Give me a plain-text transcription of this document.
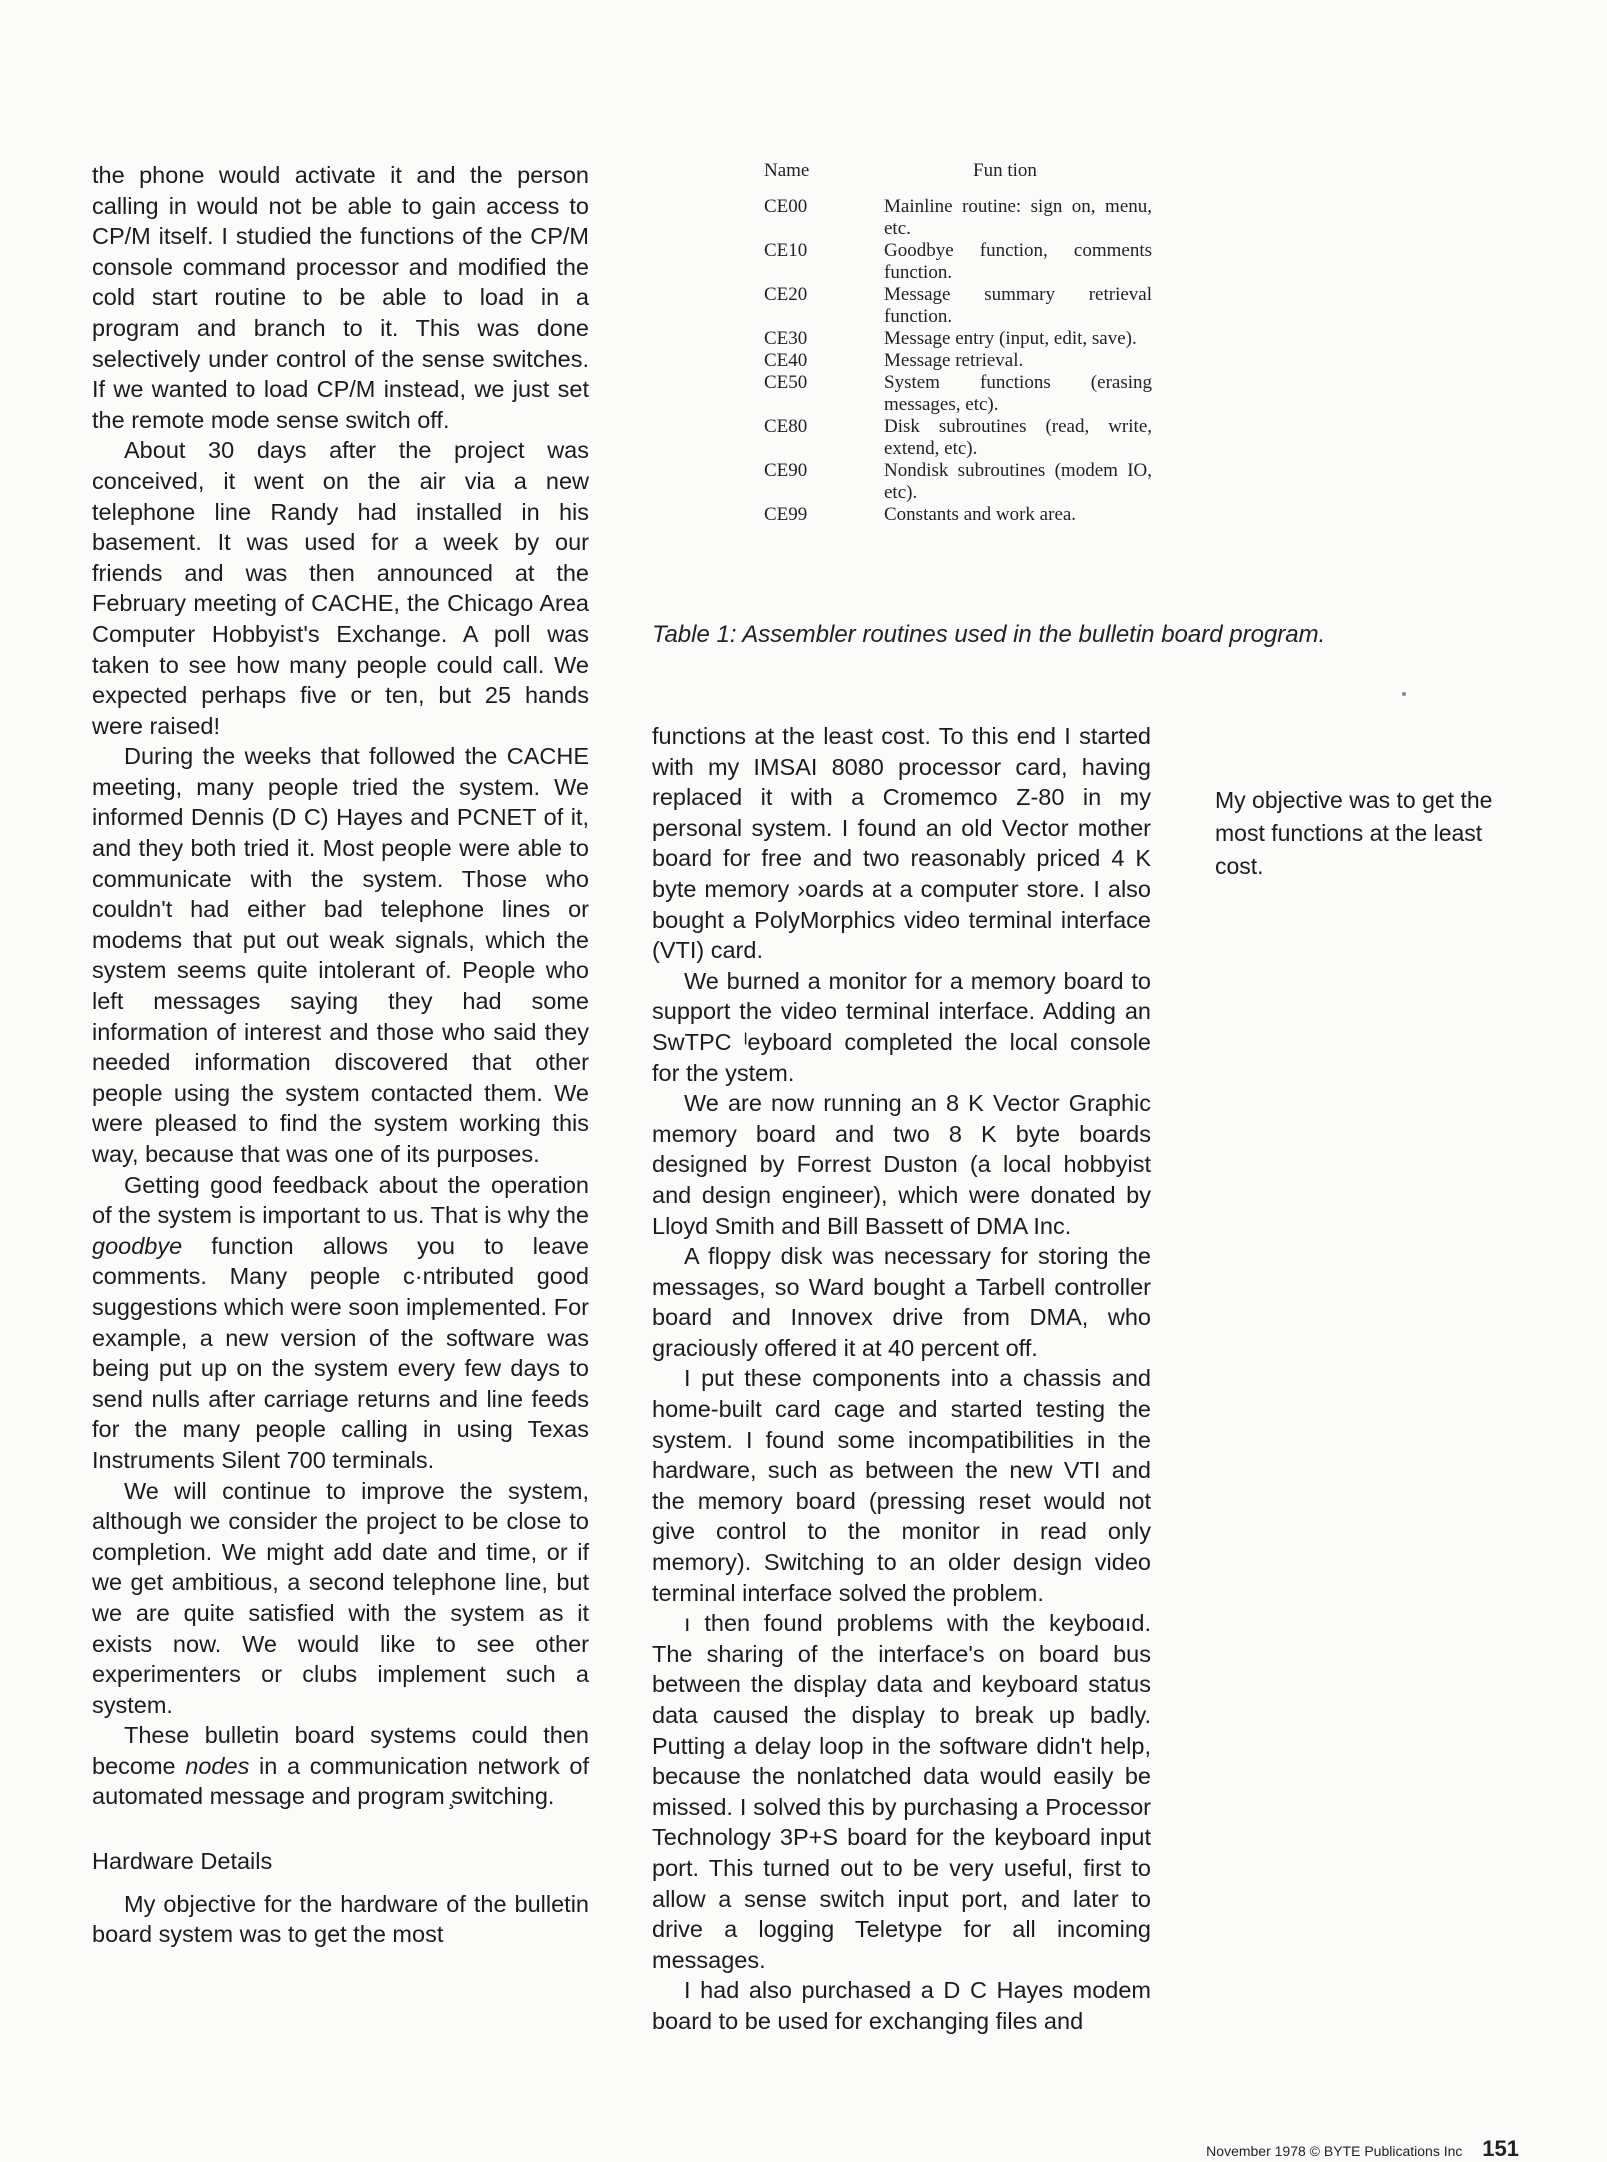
the phone would activate it and the person calling in would not be able to gain access to CP/M itself. I studied the functions of the CP/M console command processor and modified the cold start routine to be able to load in a program and branch to it. This was done selectively under control of the sense switches. If we wanted to load CP/M instead, we just set the remote mode sense switch off.

About 30 days after the project was conceived, it went on the air via a new telephone line Randy had installed in his basement. It was used for a week by our friends and was then announced at the February meeting of CACHE, the Chicago Area Computer Hobbyist's Exchange. A poll was taken to see how many people could call. We expected perhaps five or ten, but 25 hands were raised!

During the weeks that followed the CACHE meeting, many people tried the system. We informed Dennis (D C) Hayes and PCNET of it, and they both tried it. Most people were able to communicate with the system. Those who couldn't had either bad telephone lines or modems that put out weak signals, which the system seems quite intolerant of. People who left messages saying they had some information of interest and those who said they needed information discovered that other people using the system contacted them. We were pleased to find the system working this way, because that was one of its purposes.

Getting good feedback about the operation of the system is important to us. That is why the goodbye function allows you to leave comments. Many people c·ntributed good suggestions which were soon implemented. For example, a new version of the software was being put up on the system every few days to send nulls after carriage returns and line feeds for the many people calling in using Texas Instruments Silent 700 terminals.

We will continue to improve the system, although we consider the project to be close to completion. We might add date and time, or if we get ambitious, a second telephone line, but we are quite satisfied with the system as it exists now. We would like to see other experimenters or clubs implement such a system.

These bulletin board systems could then become nodes in a communication network of automated message and program ̧switching.

Hardware Details

My objective for the hardware of the bulletin board system was to get the most

Name	Fun tion
CE00	Mainline routine: sign on, menu, etc.
CE10	Goodbye function, comments function.
CE20	Message summary retrieval function.
CE30	Message entry (input, edit, save).
CE40	Message retrieval.
CE50	System functions (erasing messages, etc).
CE80	Disk subroutines (read, write, extend, etc).
CE90	Nondisk subroutines (modem IO, etc).
CE99	Constants and work area.
Table 1: Assembler routines used in the bulletin board program.

functions at the least cost. To this end I started with my IMSAI 8080 processor card, having replaced it with a Cromemco Z-80 in my personal system. I found an old Vector mother board for free and two reasonably priced 4 K byte memory ›oards at a computer store. I also bought a PolyMorphics video terminal interface (VTI) card.

We burned a monitor for a memory board to support the video terminal interface. Adding an SwTPC ˡeyboard completed the local console for the ystem.

We are now running an 8 K Vector Graphic memory board and two 8 K byte boards designed by Forrest Duston (a local hobbyist and design engineer), which were donated by Lloyd Smith and Bill Bassett of DMA Inc.

A floppy disk was necessary for storing the messages, so Ward bought a Tarbell controller board and Innovex drive from DMA, who graciously offered it at 40 percent off.

I put these components into a chassis and home-built card cage and started testing the system. I found some incompatibilities in the hardware, such as between the new VTI and the memory board (pressing reset would not give control to the monitor in read only memory). Switching to an older design video terminal interface solved the problem.

ı then found problems with the keyboɑıd. The sharing of the interface's on board bus between the display data and keyboard status data caused the display to break up badly. Putting a delay loop in the software didn't help, because the nonlatched data would easily be missed. I solved this by purchasing a Processor Technology 3P+S board for the keyboard input port. This turned out to be very useful, first to allow a sense switch input port, and later to drive a logging Teletype for all incoming messages.

I had also purchased a D C Hayes modem board to be used for exchanging files and

My objective was to get the most functions at the least cost.
November 1978 © BYTE Publications Inc 151
